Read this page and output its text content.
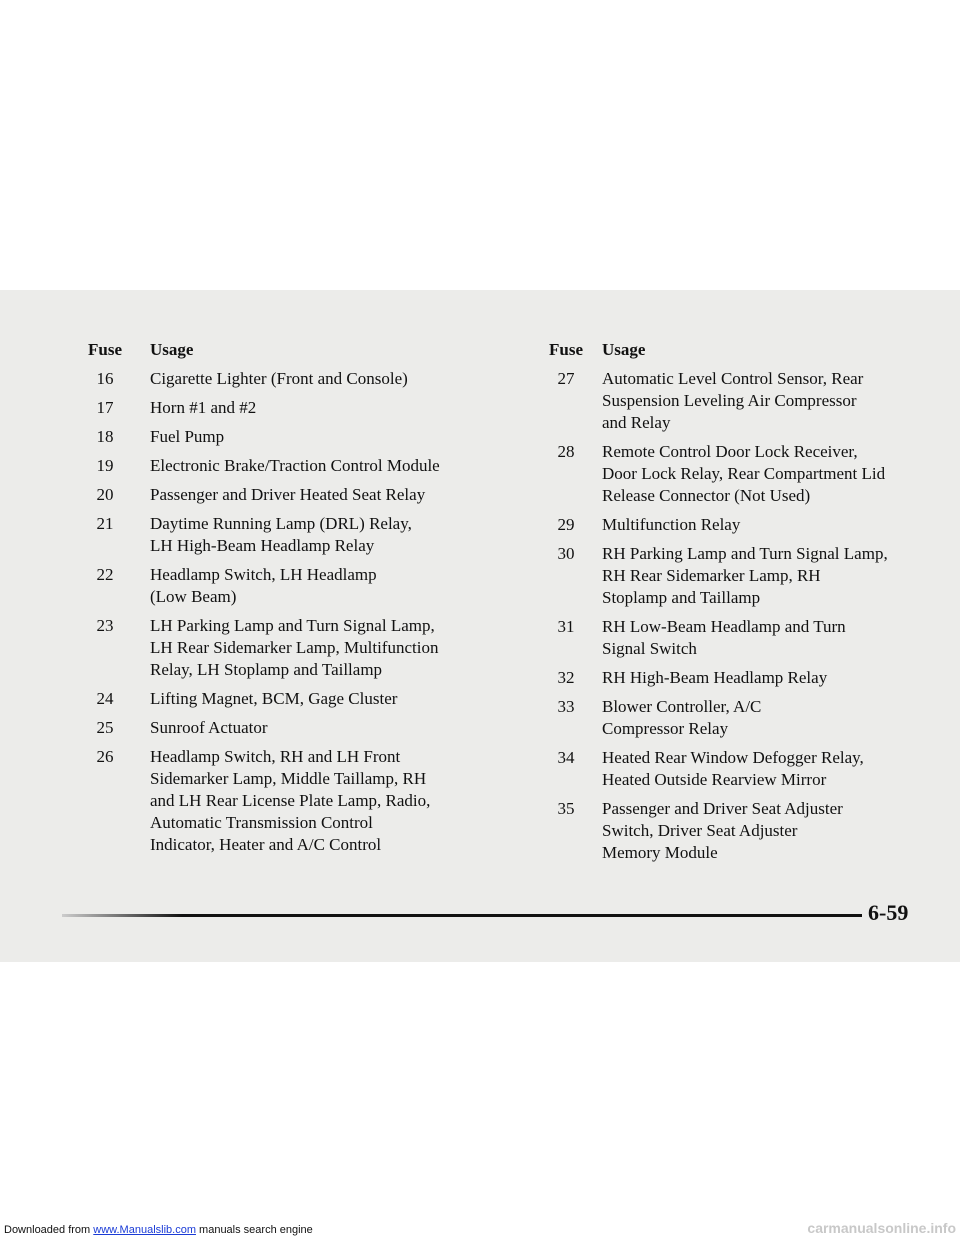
Fuse	Usage
16	Cigarette Lighter (Front and Console)
17	Horn #1 and #2
18	Fuel Pump
19	Electronic Brake/Traction Control Module
20	Passenger and Driver Heated Seat Relay
21	Daytime Running Lamp (DRL) Relay,
LH High-Beam Headlamp Relay
22	Headlamp Switch, LH Headlamp
(Low Beam)
23	LH Parking Lamp and Turn Signal Lamp,
LH Rear Sidemarker Lamp, Multifunction
Relay, LH Stoplamp and Taillamp
24	Lifting Magnet, BCM, Gage Cluster
25	Sunroof Actuator
26	Headlamp Switch, RH and LH Front
Sidemarker Lamp, Middle Taillamp, RH
and LH Rear License Plate Lamp, Radio,
Automatic Transmission Control
Indicator, Heater and A/C Control
Fuse	Usage
27	Automatic Level Control Sensor, Rear
Suspension Leveling Air Compressor
and Relay
28	Remote Control Door Lock Receiver,
Door Lock Relay, Rear Compartment Lid
Release Connector (Not Used)
29	Multifunction Relay
30	RH Parking Lamp and Turn Signal Lamp,
RH Rear Sidemarker Lamp, RH
Stoplamp and Taillamp
31	RH Low-Beam Headlamp and Turn
Signal Switch
32	RH High-Beam Headlamp Relay
33	Blower Controller, A/C
Compressor Relay
34	Heated Rear Window Defogger Relay,
Heated Outside Rearview Mirror
35	Passenger and Driver Seat Adjuster
Switch, Driver Seat Adjuster
Memory Module
6-59
Downloaded from www.Manualslib.com manuals search engine	carmanualsonline.info
